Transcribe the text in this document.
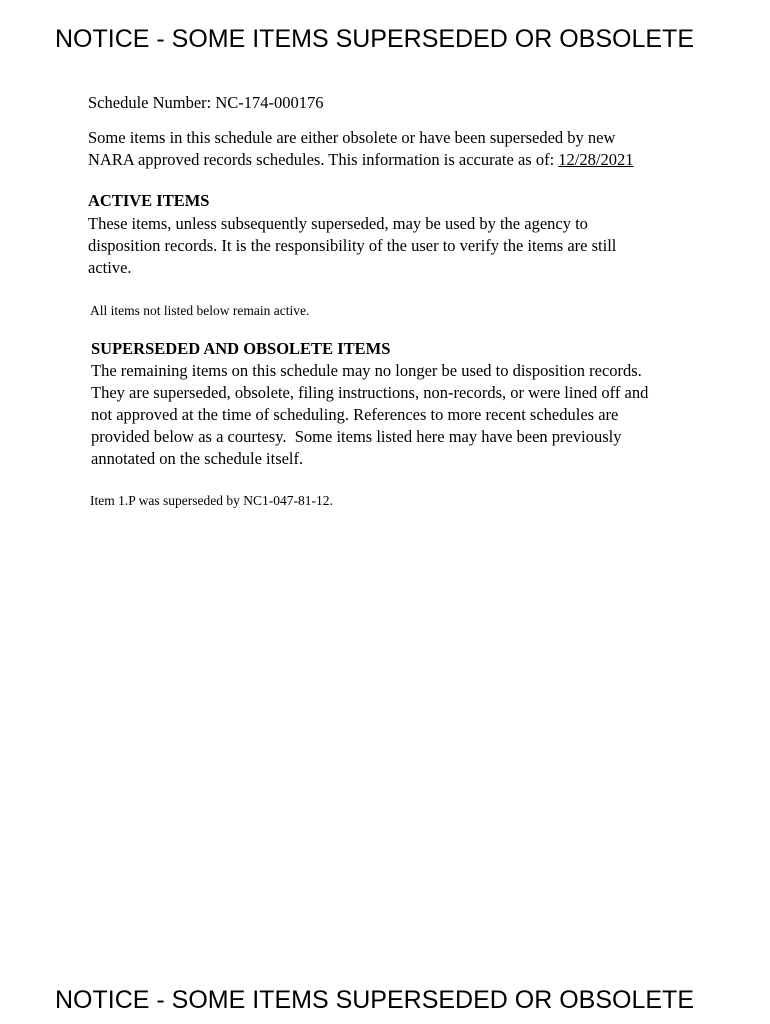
NOTICE - SOME ITEMS SUPERSEDED OR OBSOLETE
Schedule Number: NC-174-000176
Some items in this schedule are either obsolete or have been superseded by new
NARA approved records schedules. This information is accurate as of: 12/28/2021
ACTIVE ITEMS
These items, unless subsequently superseded, may be used by the agency to
disposition records. It is the responsibility of the user to verify the items are still
active.
All items not listed below remain active.
SUPERSEDED AND OBSOLETE ITEMS
The remaining items on this schedule may no longer be used to disposition records.
They are superseded, obsolete, filing instructions, non-records, or were lined off and
not approved at the time of scheduling. References to more recent schedules are
provided below as a courtesy.  Some items listed here may have been previously
annotated on the schedule itself.
Item 1.P was superseded by NC1-047-81-12.
NOTICE - SOME ITEMS SUPERSEDED OR OBSOLETE
